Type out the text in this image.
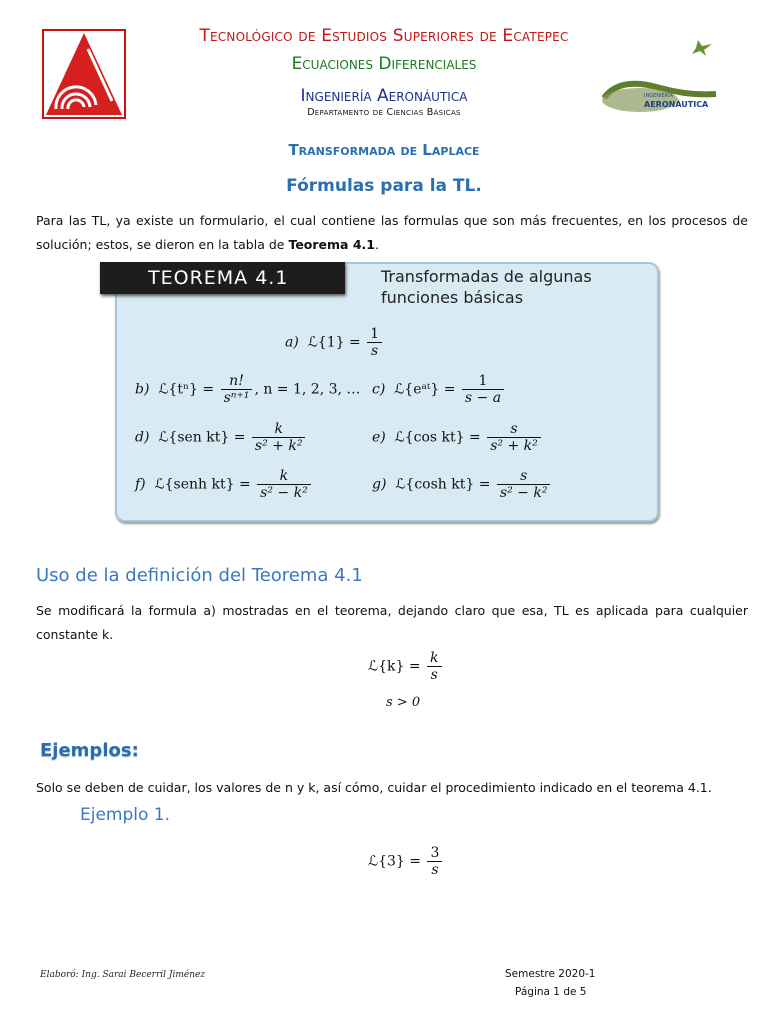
INGENIERÍA
AERONÁUTICA
Tecnológico de Estudios Superiores de Ecatepec
Ecuaciones Diferenciales
Ingeniería Aeronáutica
Departamento de Ciencias Básicas
Transformada de Laplace
Fórmulas para la TL.
Para las TL, ya existe un formulario, el cual contiene las formulas que son más frecuentes, en los procesos de solución; estos, se dieron en la tabla de Teorema 4.1.
TEOREMA 4.1	Transformadas de algunas funciones básicas
a) ℒ{1} = $\frac{1}{s}$
b) ℒ{tⁿ} = $\frac{n!}{\text{sⁿ⁺¹}}$ , n = 1, 2, 3, … c) ℒ{eᵃᵗ} = $\frac{1}{s - a}$
d) ℒ{sen $kt\} = \frac{k}{\text{s² + k²}}$	e) ℒ{cos $kt\} = \frac{s}{\text{s² + k²}}$
f) ℒ{senh $kt\} = \frac{k}{\text{s² − k²}}$	g) ℒ{cosh $kt\} = \frac{s}{\text{s² − k²}}$
Uso de la definición del Teorema 4.1
Se modificará la formula a) mostradas en el teorema, dejando claro que esa, TL es aplicada para cualquier constante k.
ℒ{k} = $\frac{k}{s}$
s > 0
Ejemplos:
Solo se deben de cuidar, los valores de n y k, así cómo, cuidar el procedimiento indicado en el teorema 4.1.
Ejemplo 1.
ℒ{3} = $\frac{3}{s}$
Elaboró: Ing. Sarai Becerril Jiménez	Semestre 2020-1
Página 1 de 5
